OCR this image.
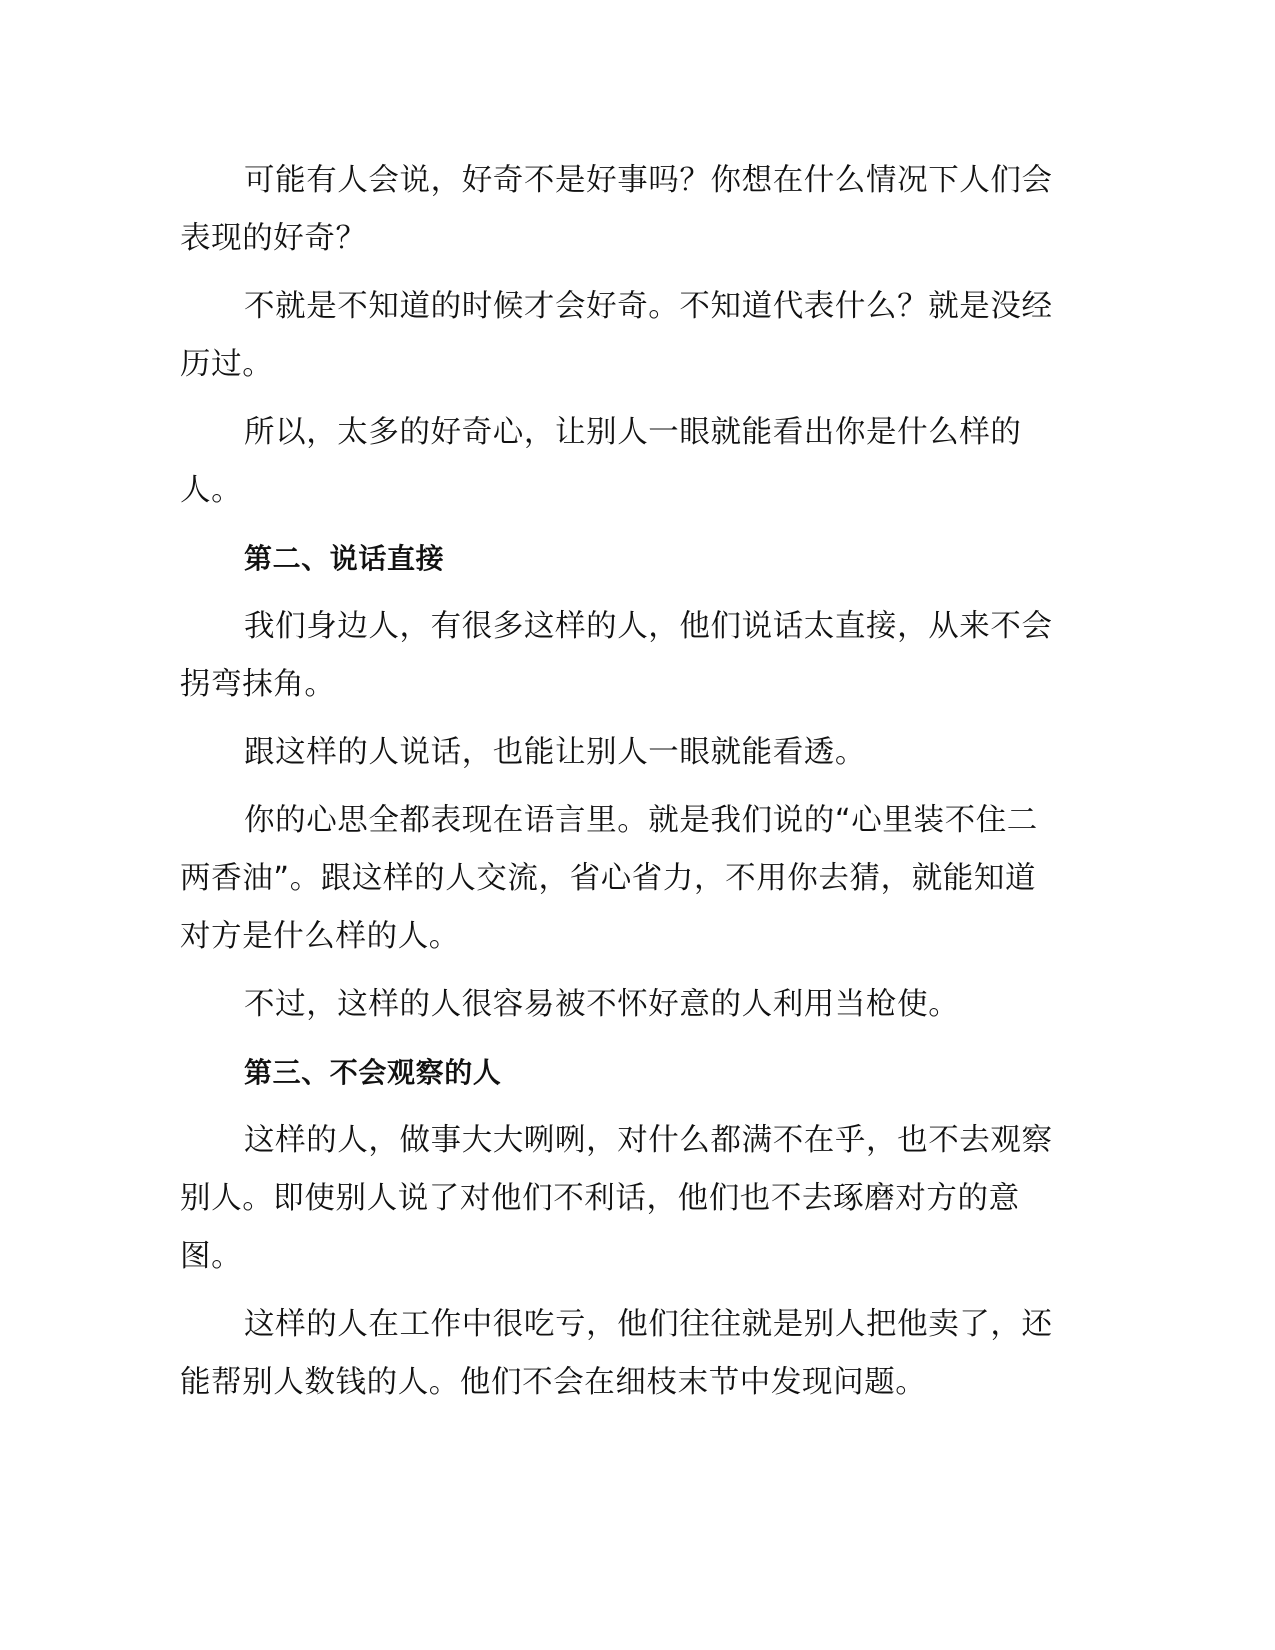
可能有人会说，好奇不是好事吗？你想在什么情况下人们会表现的好奇？

不就是不知道的时候才会好奇。不知道代表什么？就是没经历过。

所以，太多的好奇心，让别人一眼就能看出你是什么样的人。

第二、说话直接

我们身边人，有很多这样的人，他们说话太直接，从来不会拐弯抹角。

跟这样的人说话，也能让别人一眼就能看透。

你的心思全都表现在语言里。就是我们说的“心里装不住二两香油”。跟这样的人交流，省心省力，不用你去猜，就能知道对方是什么样的人。

不过，这样的人很容易被不怀好意的人利用当枪使。

第三、不会观察的人

这样的人，做事大大咧咧，对什么都满不在乎，也不去观察别人。即使别人说了对他们不利话，他们也不去琢磨对方的意图。

这样的人在工作中很吃亏，他们往往就是别人把他卖了，还能帮别人数钱的人。他们不会在细枝末节中发现问题。
